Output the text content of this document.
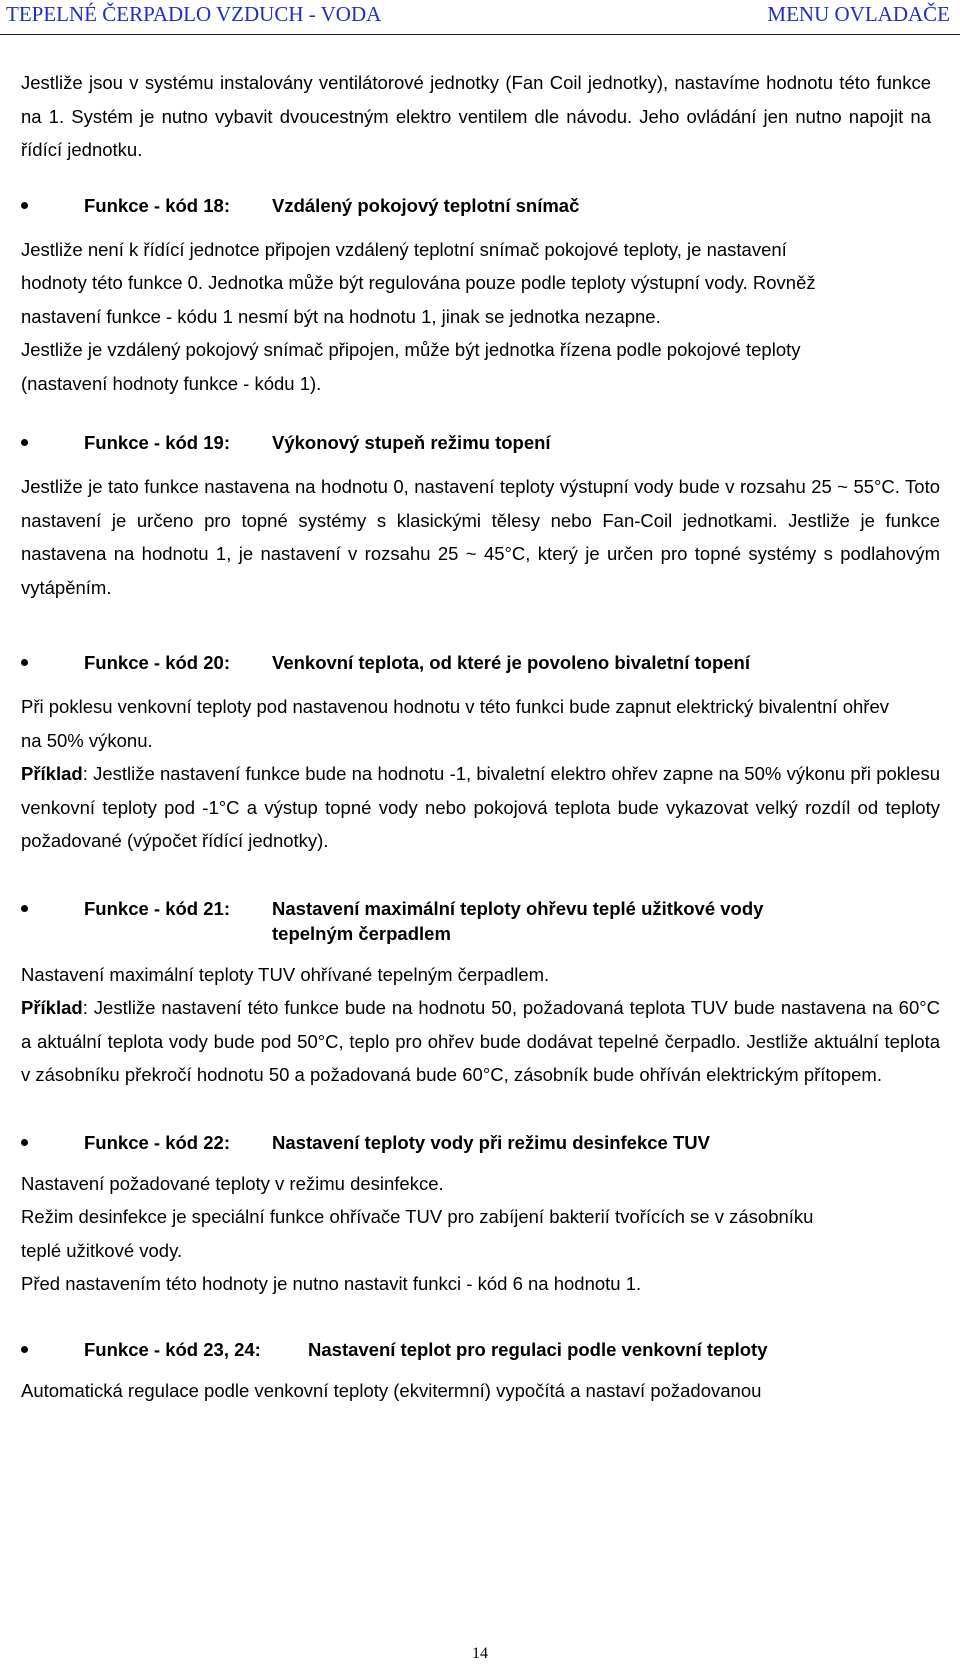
TEPELNÉ ČERPADLO VZDUCH - VODA	MENU OVLADAČE

Jestliže jsou v systému instalovány ventilátorové jednotky (Fan Coil jednotky), nastavíme hodnotu této funkce na 1. Systém je nutno vybavit dvoucestným elektro ventilem dle návodu. Jeho ovládání jen nutno napojit na řídící jednotku.

Funkce - kód 18: Vzdálený pokojový teplotní snímač

Jestliže není k řídící jednotce připojen vzdálený teplotní snímač pokojové teploty, je nastavení hodnoty této funkce 0. Jednotka může být regulována pouze podle teploty výstupní vody. Rovněž nastavení funkce - kódu 1 nesmí být na hodnotu 1, jinak se jednotka nezapne.

Jestliže je vzdálený pokojový snímač připojen, může být jednotka řízena podle pokojové teploty (nastavení hodnoty funkce - kódu 1).

Funkce - kód 19: Výkonový stupeň režimu topení

Jestliže je tato funkce nastavena na hodnotu 0, nastavení teploty výstupní vody bude v rozsahu 25 ~ 55°C. Toto nastavení je určeno pro topné systémy s klasickými tělesy nebo Fan-Coil jednotkami. Jestliže je funkce nastavena na hodnotu 1, je nastavení v rozsahu 25 ~ 45°C, který je určen pro topné systémy s podlahovým vytápěním.

Funkce - kód 20: Venkovní teplota, od které je povoleno bivaletní topení

Při poklesu venkovní teploty pod nastavenou hodnotu v této funkci bude zapnut elektrický bivalentní ohřev na 50% výkonu.

Příklad: Jestliže nastavení funkce bude na hodnotu -1, bivaletní elektro ohřev zapne na 50% výkonu při poklesu venkovní teploty pod -1°C a výstup topné vody nebo pokojová teplota bude vykazovat velký rozdíl od teploty požadované (výpočet řídící jednotky).

Funkce - kód 21: Nastavení maximální teploty ohřevu teplé užitkové vody
tepelným čerpadlem

Nastavení maximální teploty TUV ohřívané tepelným čerpadlem.

Příklad: Jestliže nastavení této funkce bude na hodnotu 50, požadovaná teplota TUV bude nastavena na 60°C a aktuální teplota vody bude pod 50°C, teplo pro ohřev bude dodávat tepelné čerpadlo. Jestliže aktuální teplota v zásobníku překročí hodnotu 50 a požadovaná bude 60°C, zásobník bude ohříván elektrickým přítopem.

Funkce - kód 22: Nastavení teploty vody při režimu desinfekce TUV

Nastavení požadované teploty v režimu desinfekce.

Režim desinfekce je speciální funkce ohřívače TUV pro zabíjení bakterií tvořících se v zásobníku teplé užitkové vody.

Před nastavením této hodnoty je nutno nastavit funkci - kód 6 na hodnotu 1.

Funkce - kód 23, 24:	Nastavení teplot pro regulaci podle venkovní teploty

Automatická regulace podle venkovní teploty (ekvitermní) vypočítá a nastaví požadovanou

14
